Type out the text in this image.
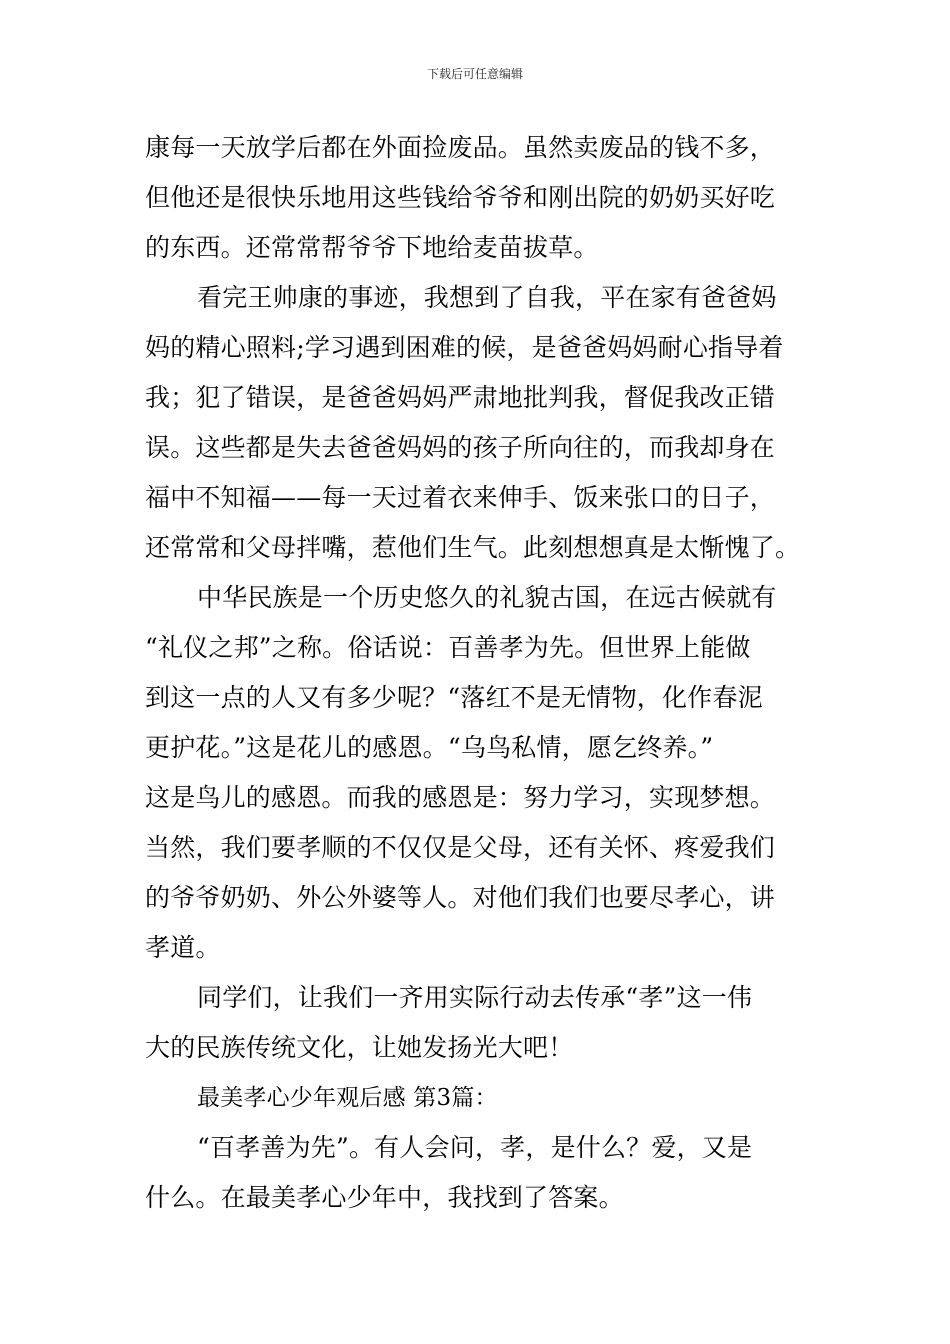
下载后可任意编辑
康每一天放学后都在外面捡废品。虽然卖废品的钱不多，
但他还是很快乐地用这些钱给爷爷和刚出院的奶奶买好吃
的东西。还常常帮爷爷下地给麦苗拔草。
看完王帅康的事迹，我想到了自我，平在家有爸爸妈
妈的精心照料;学习遇到困难的候，是爸爸妈妈耐心指导着
我；犯了错误，是爸爸妈妈严肃地批判我，督促我改正错
误。这些都是失去爸爸妈妈的孩子所向往的，而我却身在
福中不知福——每一天过着衣来伸手、饭来张口的日子，
还常常和父母拌嘴，惹他们生气。此刻想想真是太惭愧了。
中华民族是一个历史悠久的礼貌古国，在远古候就有
“礼仪之邦”之称。俗话说：百善孝为先。但世界上能做
到这一点的人又有多少呢？“落红不是无情物，化作春泥
更护花。”这是花儿的感恩。“乌鸟私情，愿乞终养。”
这是鸟儿的感恩。而我的感恩是：努力学习，实现梦想。
当然，我们要孝顺的不仅仅是父母，还有关怀、疼爱我们
的爷爷奶奶、外公外婆等人。对他们我们也要尽孝心，讲
孝道。
同学们，让我们一齐用实际行动去传承“孝”这一伟
大的民族传统文化，让她发扬光大吧！
最美孝心少年观后感 第3篇：
“百孝善为先”。有人会问，孝，是什么？爱，又是
什么。在最美孝心少年中，我找到了答案。
